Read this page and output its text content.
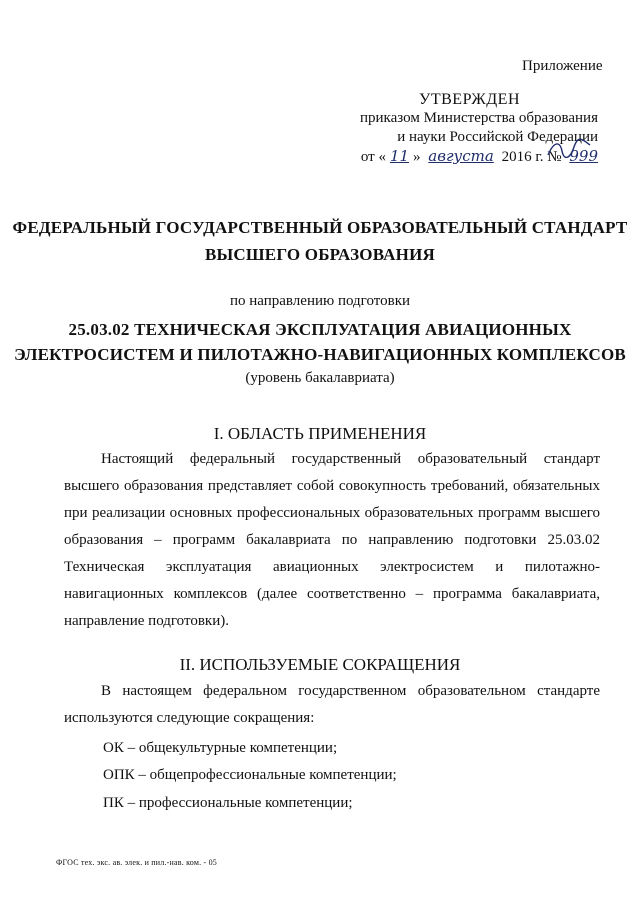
Приложение
УТВЕРЖДЕН
приказом Министерства образования
и науки Российской Федерации
от « 11 » августа 2016 г. № 999
ФЕДЕРАЛЬНЫЙ ГОСУДАРСТВЕННЫЙ ОБРАЗОВАТЕЛЬНЫЙ СТАНДАРТ
ВЫСШЕГО ОБРАЗОВАНИЯ
по направлению подготовки
25.03.02 ТЕХНИЧЕСКАЯ ЭКСПЛУАТАЦИЯ АВИАЦИОННЫХ
ЭЛЕКТРОСИСТЕМ И ПИЛОТАЖНО-НАВИГАЦИОННЫХ КОМПЛЕКСОВ
(уровень бакалавриата)
I. ОБЛАСТЬ ПРИМЕНЕНИЯ
Настоящий федеральный государственный образовательный стандарт высшего образования представляет собой совокупность требований, обязательных при реализации основных профессиональных образовательных программ высшего образования – программ бакалавриата по направлению подготовки 25.03.02 Техническая эксплуатация авиационных электросистем и пилотажно-навигационных комплексов (далее соответственно – программа бакалавриата, направление подготовки).
II. ИСПОЛЬЗУЕМЫЕ СОКРАЩЕНИЯ
В настоящем федеральном государственном образовательном стандарте используются следующие сокращения:
ОК – общекультурные компетенции;
ОПК – общепрофессиональные компетенции;
ПК – профессиональные компетенции;
ФГОС тех. экс. ав. элек. и пил.-нав. ком. - 05
